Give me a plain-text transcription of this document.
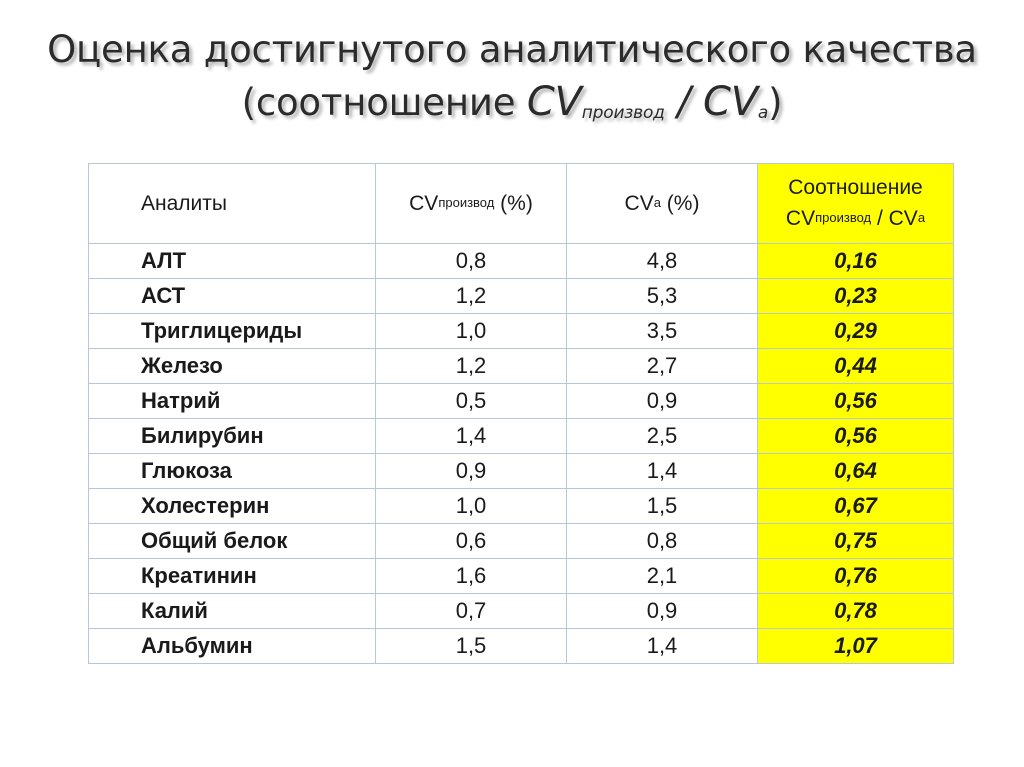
Оценка достигнутого аналитического качества
(соотношение $CV_{производ} / CV_a$)
Аналиты	CVпроизвод (%)	CVa (%)	Соотношение
CVпроизвод / CVa

АЛТ	0,8	4,8	0,16
АСТ	1,2	5,3	0,23
Триглицериды	1,0	3,5	0,29
Железо	1,2	2,7	0,44
Натрий	0,5	0,9	0,56
Билирубин	1,4	2,5	0,56
Глюкоза	0,9	1,4	0,64
Холестерин	1,0	1,5	0,67
Общий белок	0,6	0,8	0,75
Креатинин	1,6	2,1	0,76
Калий	0,7	0,9	0,78
Альбумин	1,5	1,4	1,07
